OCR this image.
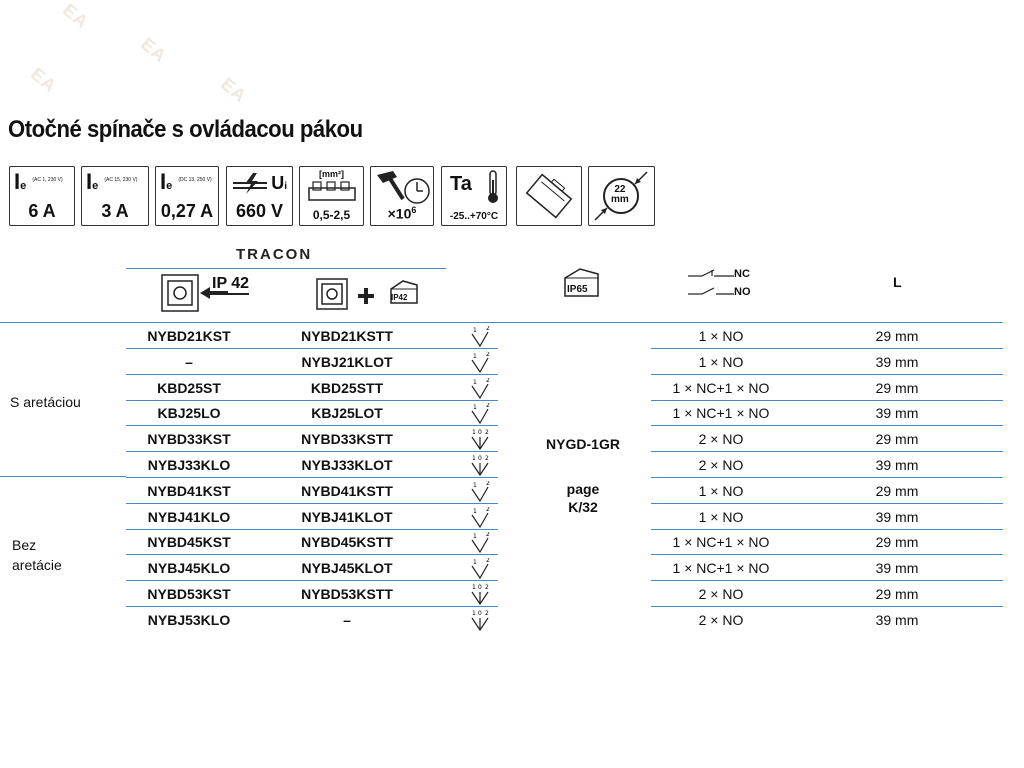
EA
EA
EA
EA
Otočné spínače s ovládacou pákou
Ie $^{(AC 1, 230 V)}$
6 A
Ie $^{(AC 15, 230 V)}$
3 A
Ie $^{(DC 13, 250 V)}$
0,27 A
Ui
660 V
[mm²]
0,5-2,5	$\times 10^6$
Ta
-25..+70°C
22
mm
TRACON
IP 42
IP42
IP65
NC
NO
L
S aretáciou
Bez
aretácie
NYGD-1GR
page
K/32
NYBD21KST	NYBD21KSTT	1 × NO	29 mm
1 2
–	NYBJ21KLOT	1 × NO	39 mm
1 2
KBD25ST	KBD25STT	1 × NC+1 × NO	29 mm
1 2
KBJ25LO	KBJ25LOT	1 × NC+1 × NO	39 mm
1 2
NYBD33KST	NYBD33KSTT	2 × NO	29 mm
1 0 2
NYBJ33KLO	NYBJ33KLOT	2 × NO	39 mm
1 0 2
NYBD41KST	NYBD41KSTT	1 × NO	29 mm
1 2
NYBJ41KLO	NYBJ41KLOT	1 × NO	39 mm
1 2
NYBD45KST	NYBD45KSTT	1 × NC+1 × NO	29 mm
1 2
NYBJ45KLO	NYBJ45KLOT	1 × NC+1 × NO	39 mm
1 2
NYBD53KST	NYBD53KSTT	2 × NO	29 mm
1 0 2
NYBJ53KLO	–	2 × NO	39 mm
1 0 2
